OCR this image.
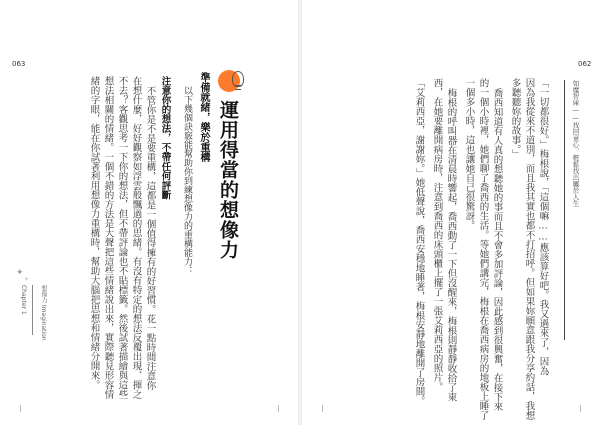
063
運用得當的想像力
準備就緒，樂於重構
以下幾個訣竅能幫助你到練想像力的重構能力：
注意你的想法，不帶任何評斷
不管你是不是要重構，這都是一個值得擁有的好習慣。花一點時間注意你
在想什麼，好好觀察如浮雲般飄過的思緒。有沒有特定的想法反覆出現、揮之
不去？客觀思考一下你的想法，但不帶評論也不貼標籤。然後試著描繪與這些
想法相關的情緒。一個不錯的方法是大聲把這些情緒說出來，實際聽見形容情
緒的字眼，能在你試著利用想像力重構時，幫助大腦把思想和情緒分開來。
✦
✧
Chapter 1 想像力 Imagination
062
如魔智庫——找回童心，輕鬆找出屬於人生
「一切都很好。」梅根說，「這個嘛……應該算好吧。我又過來了，因為
因為我從來不道別，而且我其實也都不打招呼。但如果妳願意跟我分享約話，我想
多聽聽妳的故事。」
喬西知道有人真的想聽她的事而且不會多加評論，因此感到很興奮，在接下來
的一個小時裡，她們聊了喬西的生活。等她們講完，梅根在喬西病房的地板上睡了
一個多小時，這也讓她自己很驚訝。
梅根的呼叫器在清晨時響起，喬西動了一下但沒醒來，梅根則靜靜收拾了東
西，在她要離開病房時，注意到喬西的床頭櫃上擺了一張艾莉西亞的照片。
「艾莉西亞，謝謝妳。」她低聲說，喬西安穩地睡著，梅根安靜地離開了房間。
